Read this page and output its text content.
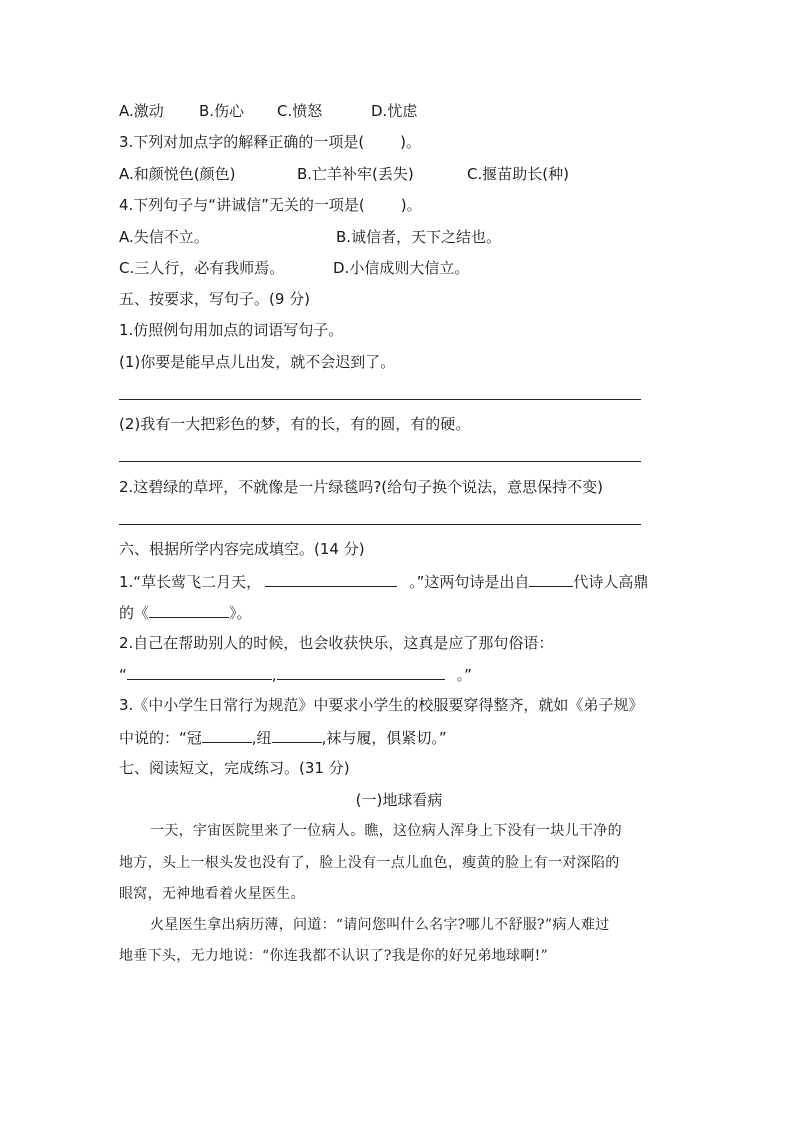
A.激动 B.伤心 C.愤怒	D.忧虑
3.下列对加点字的解释正确的一项是( )。
A.和颜悦色(颜色)	B.亡羊补牢(丢失)	C.揠苗助长(种)
4.下列句子与“讲诚信”无关的一项是( )。
A.失信不立。	B.诚信者，天下之结也。
C.三人行，必有我师焉。	D.小信成则大信立。
五、按要求，写句子。(9 分)
1.仿照例句用加点的词语写句子。
(1)你要是能早点儿出发，就不会迟到了。
(2)我有一大把彩色的梦，有的长，有的圆，有的硬。
2.这碧绿的草坪，不就像是一片绿毯吗?(给句子换个说法，意思保持不变)
六、根据所学内容完成填空。(14 分)
1.“草长莺飞二月天，	。”这两句诗是出自	代诗人高鼎
的《	》。
2.自己在帮助别人的时候，也会收获快乐，这真是应了那句俗语：
“	,	。”
3.《中小学生日常行为规范》中要求小学生的校服要穿得整齐，就如《弟子规》
中说的：“冠	,纽	,袜与履，俱紧切。”
七、阅读短文，完成练习。(31 分)
(一)地球看病
一天，宇宙医院里来了一位病人。瞧，这位病人浑身上下没有一块儿干净的
地方，头上一根头发也没有了，脸上没有一点儿血色，瘦黄的脸上有一对深陷的
眼窝，无神地看着火星医生。
火星医生拿出病历薄，问道：“请问您叫什么名字?哪儿不舒服?”病人难过
地垂下头，无力地说：“你连我都不认识了?我是你的好兄弟地球啊!”
